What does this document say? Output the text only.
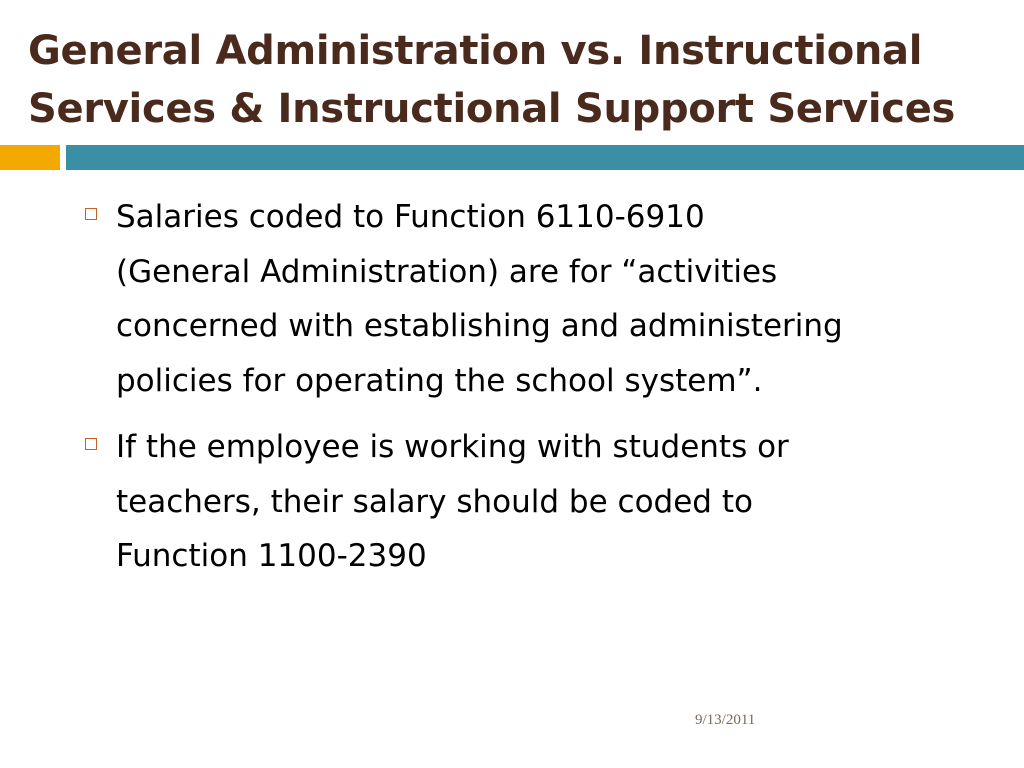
General Administration vs. Instructional
Services & Instructional Support Services
Salaries coded to Function 6110-6910
(General Administration) are for “activities
concerned with establishing and administering
policies for operating the school system”.
If the employee is working with students or
teachers, their salary should be coded to
Function 1100-2390
9/13/2011
